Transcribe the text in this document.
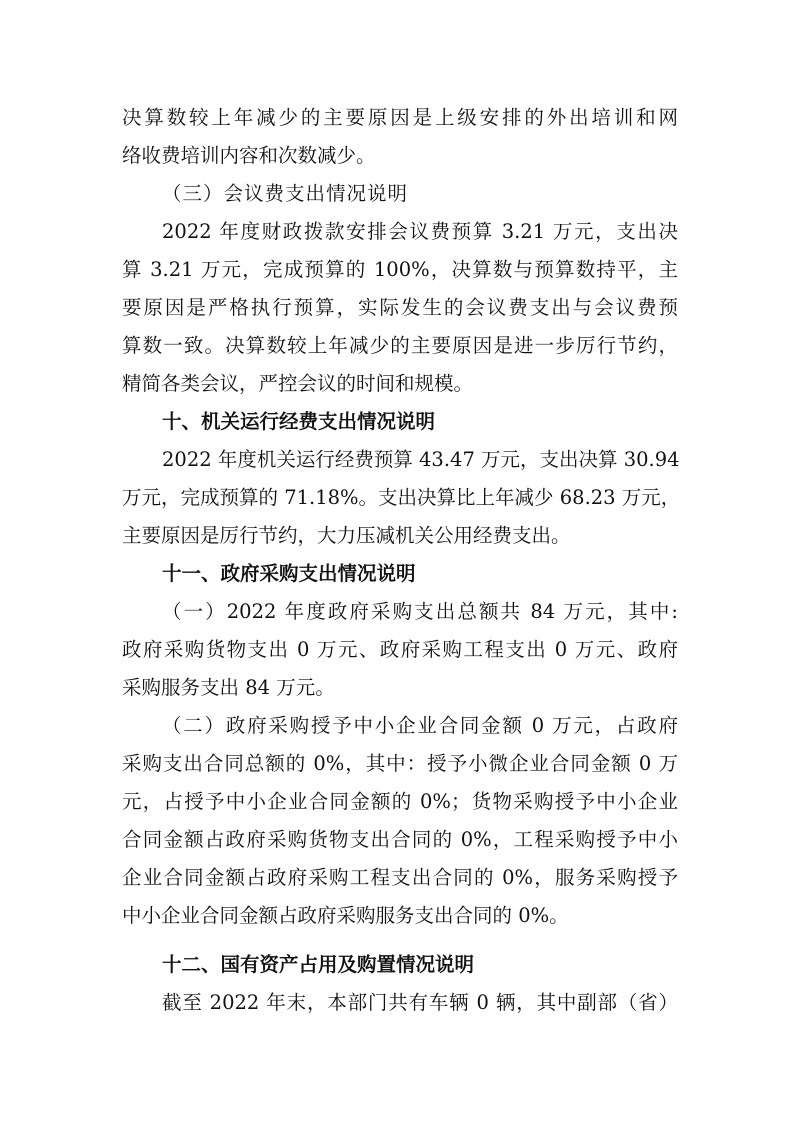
决算数较上年减少的主要原因是上级安排的外出培训和网
络收费培训内容和次数减少。
（三）会议费支出情况说明
2022 年度财政拨款安排会议费预算 3.21 万元，支出决
算 3.21 万元，完成预算的 100%，决算数与预算数持平，主
要原因是严格执行预算，实际发生的会议费支出与会议费预
算数一致。决算数较上年减少的主要原因是进一步厉行节约，
精简各类会议，严控会议的时间和规模。
十、机关运行经费支出情况说明
2022 年度机关运行经费预算 43.47 万元，支出决算 30.94
万元，完成预算的 71.18%。支出决算比上年减少 68.23 万元，
主要原因是厉行节约，大力压减机关公用经费支出。
十一、政府采购支出情况说明
（一）2022 年度政府采购支出总额共 84 万元，其中:
政府采购货物支出 0 万元、政府采购工程支出 0 万元、政府
采购服务支出 84 万元。
（二）政府采购授予中小企业合同金额 0 万元，占政府
采购支出合同总额的 0%，其中：授予小微企业合同金额 0 万
元，占授予中小企业合同金额的 0%；货物采购授予中小企业
合同金额占政府采购货物支出合同的 0%，工程采购授予中小
企业合同金额占政府采购工程支出合同的 0%，服务采购授予
中小企业合同金额占政府采购服务支出合同的 0%。
十二、国有资产占用及购置情况说明
截至 2022 年末，本部门共有车辆 0 辆，其中副部（省）
